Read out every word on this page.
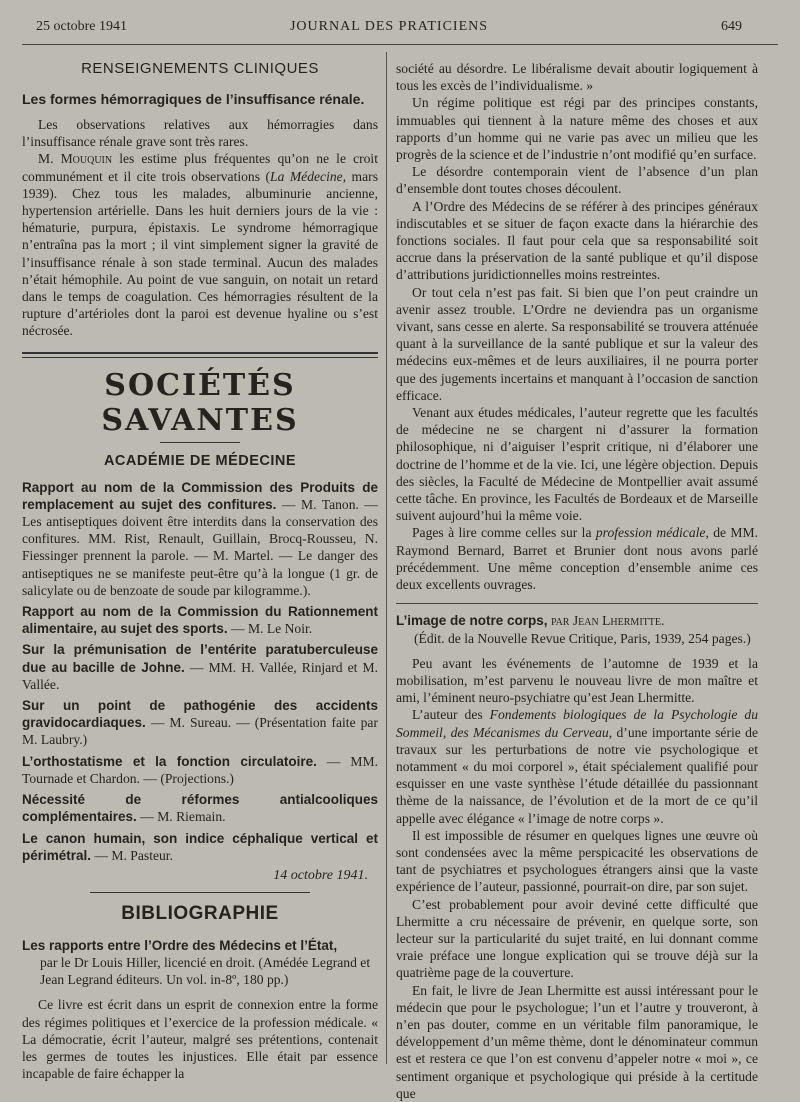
25 octobre 1941	JOURNAL DES PRATICIENS	649
RENSEIGNEMENTS CLINIQUES

Les formes hémorragiques de l’insuffisance rénale.

Les observations relatives aux hémorragies dans l’insuffisance rénale grave sont très rares.

M. Mouquin les estime plus fréquentes qu’on ne le croit communément et il cite trois observations (La Médecine, mars 1939). Chez tous les malades, albuminurie ancienne, hypertension artérielle. Dans les huit derniers jours de la vie : hématurie, purpura, épistaxis. Le syndrome hémorragique n’entraîna pas la mort ; il vint simplement signer la gravité de l’insuffisance rénale à son stade terminal. Aucun des malades n’était hémophile. Au point de vue sanguin, on notait un retard dans le temps de coagulation. Ces hémorragies résultent de la rupture d’artérioles dont la paroi est devenue hyaline ou s’est nécrosée.

SOCIÉTÉS SAVANTES
ACADÉMIE DE MÉDECINE

Rapport au nom de la Commission des Produits de remplacement au sujet des confitures. — M. Tanon. — Les antiseptiques doivent être interdits dans la conservation des confitures. MM. Rist, Renault, Guillain, Brocq-Rousseu, N. Fiessinger prennent la parole. — M. Martel. — Le danger des antiseptiques ne se manifeste peut-être qu’à la longue (1 gr. de salicylate ou de benzoate de soude par kilogramme.).

Rapport au nom de la Commission du Rationnement alimentaire, au sujet des sports. — M. Le Noir.

Sur la prémunisation de l’entérite paratuberculeuse due au bacille de Johne. — MM. H. Vallée, Rinjard et M. Vallée.

Sur un point de pathogénie des accidents gravidocardiaques. — M. Sureau. — (Présentation faite par M. Laubry.)

L’orthostatisme et la fonction circulatoire. — MM. Tournade et Chardon. — (Projections.)

Nécessité de réformes antialcooliques complémentaires. — M. Riemain.

Le canon humain, son indice céphalique vertical et périmétral. — M. Pasteur.

14 octobre 1941.
BIBLIOGRAPHIE

Les rapports entre l’Ordre des Médecins et l’État,

par le Dr Louis Hiller, licencié en droit. (Amédée Legrand et Jean Legrand éditeurs. Un vol. in-8º, 180 pp.)

Ce livre est écrit dans un esprit de connexion entre la forme des régimes politiques et l’exercice de la profession médicale. « La démocratie, écrit l’auteur, malgré ses prétentions, contenait les germes de toutes les injustices. Elle était par essence incapable de faire échapper la

société au désordre. Le libéralisme devait aboutir logiquement à tous les excès de l’individualisme. »

Un régime politique est régi par des principes constants, immuables qui tiennent à la nature même des choses et aux rapports d’un homme qui ne varie pas avec un milieu que les progrès de la science et de l’industrie n’ont modifié qu’en surface.

Le désordre contemporain vient de l’absence d’un plan d’ensemble dont toutes choses découlent.

A l’Ordre des Médecins de se référer à des principes généraux indiscutables et se situer de façon exacte dans la hiérarchie des fonctions sociales. Il faut pour cela que sa responsabilité soit accrue dans la préservation de la santé publique et qu’il dispose d’attributions juridictionnelles moins restreintes.

Or tout cela n’est pas fait. Si bien que l’on peut craindre un avenir assez trouble. L’Ordre ne deviendra pas un organisme vivant, sans cesse en alerte. Sa responsabilité se trouvera atténuée quant à la surveillance de la santé publique et sur la valeur des médecins eux-mêmes et de leurs auxiliaires, il ne pourra porter que des jugements incertains et manquant à l’occasion de sanction efficace.

Venant aux études médicales, l’auteur regrette que les facultés de médecine ne se chargent ni d’assurer la formation philosophique, ni d’aiguiser l’esprit critique, ni d’élaborer une doctrine de l’homme et de la vie. Ici, une légère objection. Depuis des siècles, la Faculté de Médecine de Montpellier avait assumé cette tâche. En province, les Facultés de Bordeaux et de Marseille suivent aujourd’hui la même voie.

Pages à lire comme celles sur la profession médicale, de MM. Raymond Bernard, Barret et Brunier dont nous avons parlé précédemment. Une même conception d’ensemble anime ces deux excellents ouvrages.

L’image de notre corps, par Jean Lhermitte.

(Édit. de la Nouvelle Revue Critique, Paris, 1939, 254 pages.)

Peu avant les événements de l’automne de 1939 et la mobilisation, m’est parvenu le nouveau livre de mon maître et ami, l’éminent neuro-psychiatre qu’est Jean Lhermitte.

L’auteur des Fondements biologiques de la Psychologie du Sommeil, des Mécanismes du Cerveau, d’une importante série de travaux sur les perturbations de notre vie psychologique et notamment « du moi corporel », était spécialement qualifié pour esquisser en une vaste synthèse l’étude détaillée du passionnant thème de la naissance, de l’évolution et de la mort de ce qu’il appelle avec élégance « l’image de notre corps ».

Il est impossible de résumer en quelques lignes une œuvre où sont condensées avec la même perspicacité les observations de tant de psychiatres et psychologues étrangers ainsi que la vaste expérience de l’auteur, passionné, pourrait-on dire, par son sujet.

C’est probablement pour avoir deviné cette difficulté que Lhermitte a cru nécessaire de prévenir, en quelque sorte, son lecteur sur la particularité du sujet traité, en lui donnant comme vraie préface une longue explication qui se trouve déjà sur la quatrième page de la couverture.

En fait, le livre de Jean Lhermitte est aussi intéressant pour le médecin que pour le psychologue; l’un et l’autre y trouveront, à n’en pas douter, comme en un véritable film panoramique, le développement d’un même thème, dont le dénominateur commun est et restera ce que l’on est convenu d’appeler notre « moi », ce sentiment organique et psychologique qui préside à la certitude que
